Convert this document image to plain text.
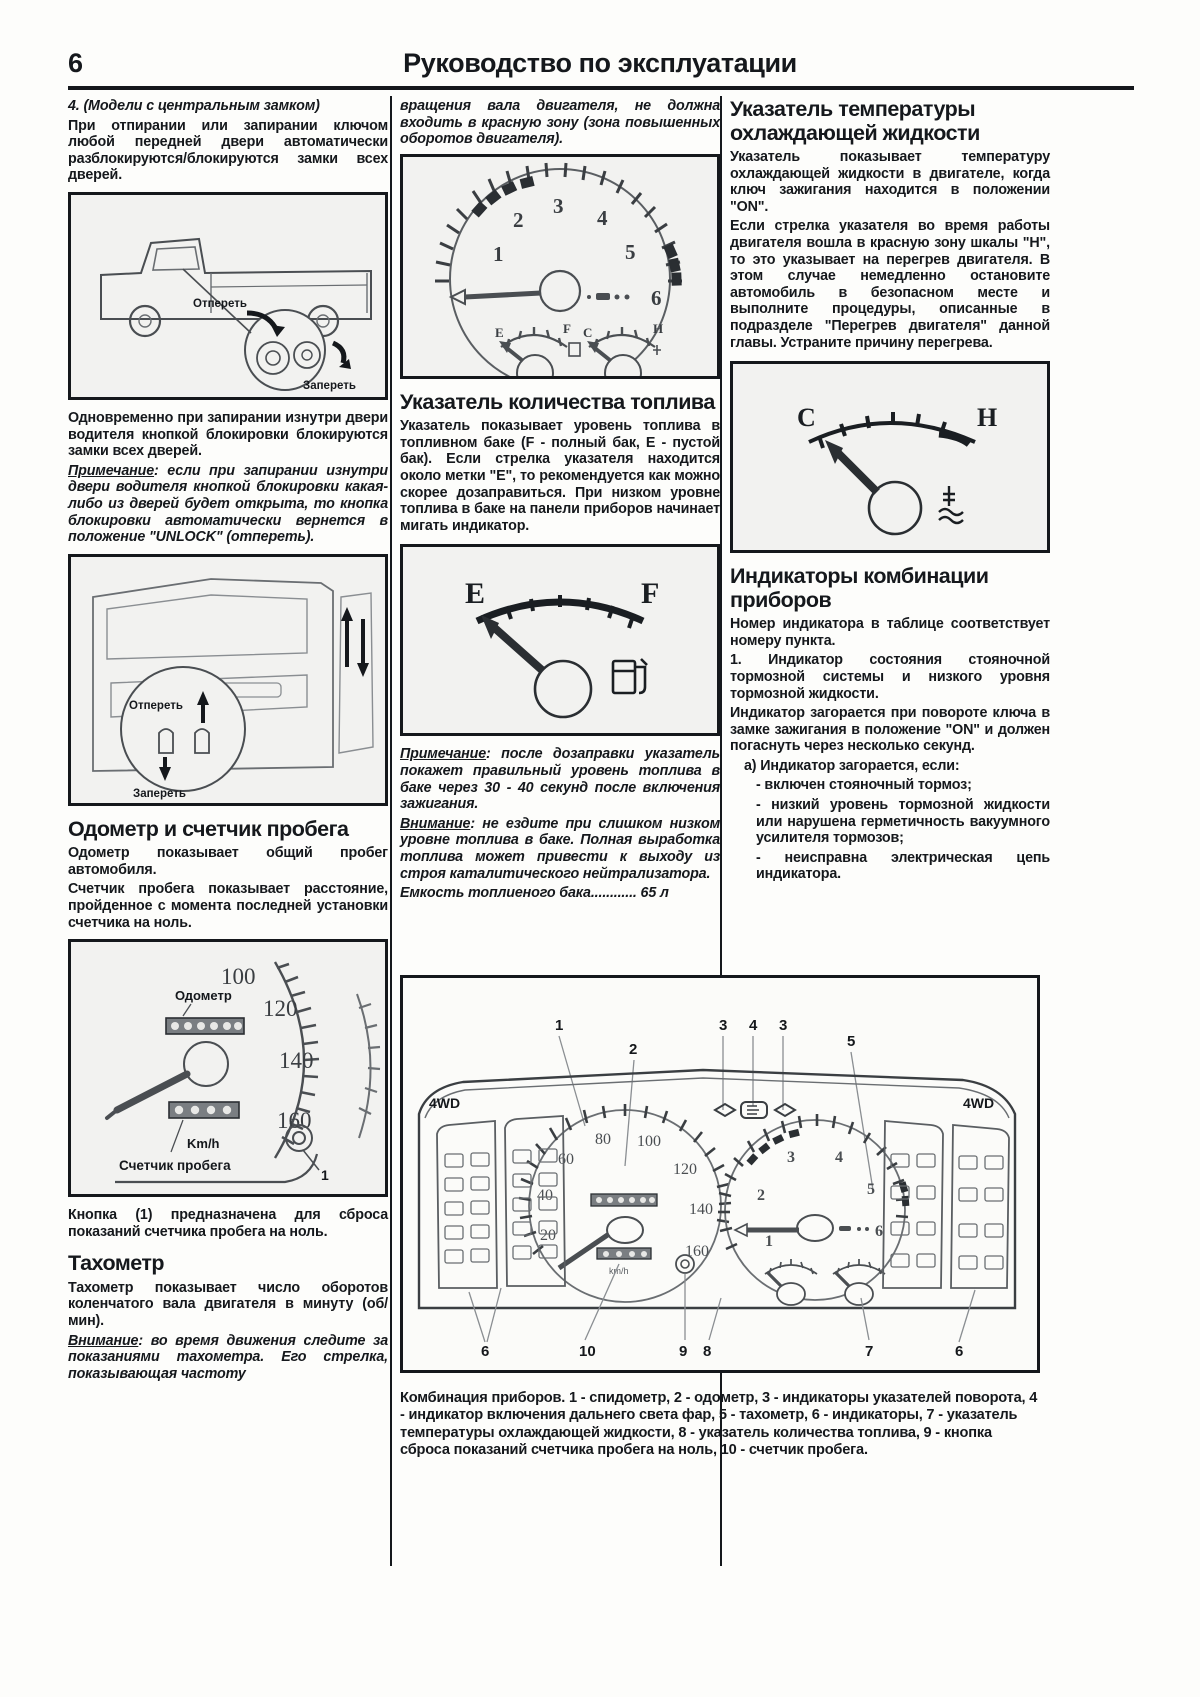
6	Руководство по эксплуатации

4. (Модели с центральным замком)

При отпирании или запирании ключом любой передней двери автоматически разблокируются/блокируются замки всех дверей.

Отпереть
Запереть

Одновременно при запирании изнутри двери водителя кнопкой блокировки блокируются замки всех дверей.

Примечание: если при запирании изнутри двери водителя кнопкой блокировки какая-либо из дверей будет открыта, то кнопка блокировки автоматически вернется в положение "UNLOCK" (отпереть).

Отпереть
Запереть
Одометр и счетчик пробега

Одометр показывает общий пробег автомобиля.

Счетчик пробега показывает расстояние, пройденное с момента последней установки счетчика на ноль.

100
120
140
160
Одометр
Km/h
Счетчик пробега
1

Кнопка (1) предназначена для сброса показаний счетчика пробега на ноль.

Тахометр

Тахометр показывает число оборотов коленчатого вала двигателя в минуту (об/мин).

Внимание: во время движения следите за показаниями тахометра. Его стрелка, показывающая частоту

вращения вала двигателя, не должна входить в красную зону (зона повышенных оборотов двигателя).

1
2
3 4
5
6
E	F C	H
Указатель количества топлива

Указатель показывает уровень топлива в топливном баке (F - полный бак, E - пустой бак). Если стрелка указателя находится около метки "E", то рекомендуется как можно скорее дозаправиться. При низком уровне топлива в баке на панели приборов начинает мигать индикатор.

E	F

Примечание: после дозаправки указатель покажет правильный уровень топлива в баке через 30 - 40 секунд после включения зажигания.

Внимание: не ездите при слишком низком уровне топлива в баке. Полная выработка топлива может привести к выходу из строя каталитического нейтрализатора.

Емкость топлиеного бака............ 65 л

Указатель температуры охлаждающей жидкости

Указатель показывает температуру охлаждающей жидкости в двигателе, когда ключ зажигания находится в положении "ON".

Если стрелка указателя во время работы двигателя вошла в красную зону шкалы "H", то это указывает на перегрев двигателя. В этом случае немедленно остановите автомобиль в безопасном месте и выполните процедуры, описанные в подразделе "Перегрев двигателя" данной главы. Устраните причину перегрева.

C	H
Индикаторы комбинации приборов

Номер индикатора в таблице соответствует номеру пункта.

1. Индикатор состояния стояночной тормозной системы и низкого уровня тормозной жидкости.

Индикатор загорается при повороте ключа в замке зажигания в положение "ON" и должен погаснуть через несколько секунд.

а) Индикатор загорается, если:

- включен стояночный тормоз;

- низкий уровень тормозной жидкости или нарушена герметичность вакуумного усилителя тормозов;

- неисправна электрическая цепь индикатора.

1
2
3 4 3
5
20
40
60
80 100
120
140
160
km/h
1
2
3	4
5
6
4WD	4WD
6	10	9 8	7	6
Комбинация приборов. 1 - спидометр, 2 - одометр, 3 - индикаторы указателей поворота, 4 - индикатор включения дальнего света фар, 5 - тахометр, 6 - индикаторы, 7 - указатель температуры охлаждающей жидкости, 8 - указатель количества топлива, 9 - кнопка сброса показаний счетчика пробега на ноль, 10 - счетчик пробега.
